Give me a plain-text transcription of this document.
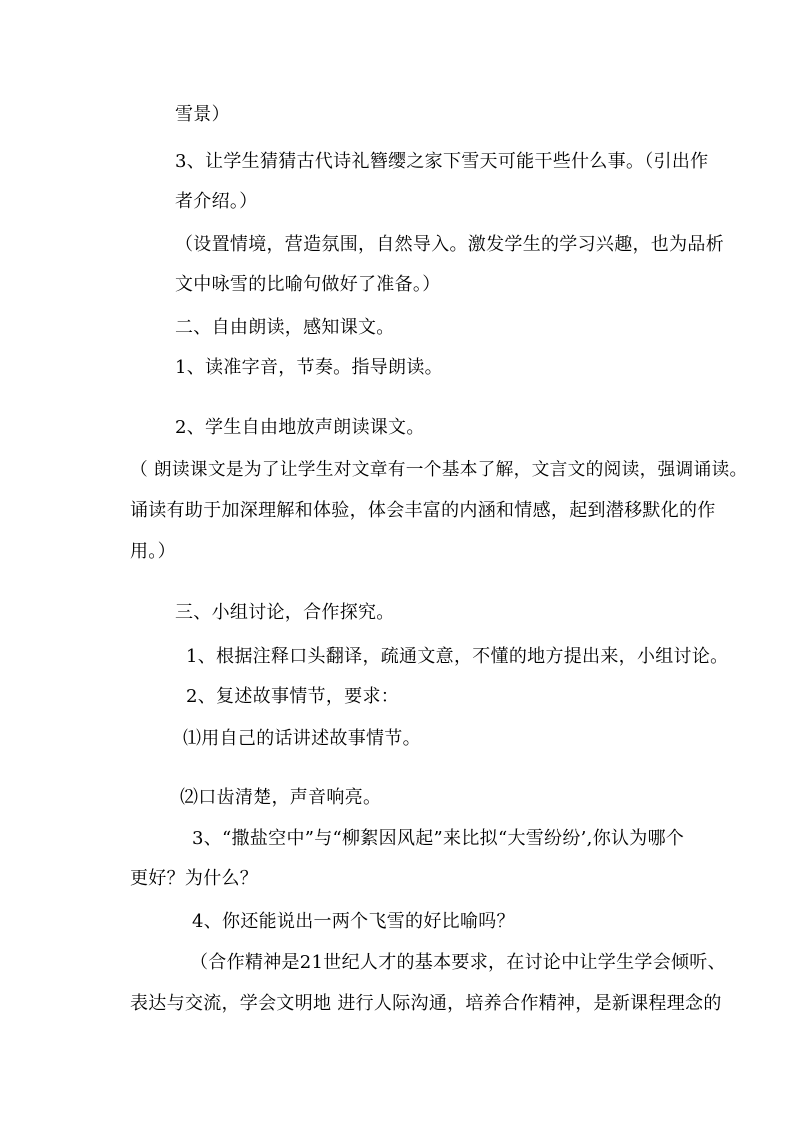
雪景）
3、让学生猜猜古代诗礼簪缨之家下雪天可能干些什么事。（引出作
者介绍。）
（设置情境，营造氛围，自然导入。激发学生的学习兴趣，也为品析
文中咏雪的比喻句做好了准备。）
二、自由朗读，感知课文。
1、读准字音，节奏。指导朗读。
2、学生自由地放声朗读课文。
（ 朗读课文是为了让学生对文章有一个基本了解，文言文的阅读，强调诵读。
诵读有助于加深理解和体验，体会丰富的内涵和情感，起到潜移默化的作
用。）
三、小组讨论，合作探究。
1、根据注释口头翻译，疏通文意，不懂的地方提出来，小组讨论。
2、复述故事情节，要求：
⑴用自己的话讲述故事情节。
⑵口齿清楚，声音响亮。
3、“撒盐空中”与“柳絮因风起”来比拟“大雪纷纷’,你认为哪个
更好？为什么？
4、你还能说出一两个飞雪的好比喻吗？
（合作精神是21世纪人才的基本要求，在讨论中让学生学会倾听、
表达与交流，学会文明地 进行人际沟通，培养合作精神，是新课程理念的
